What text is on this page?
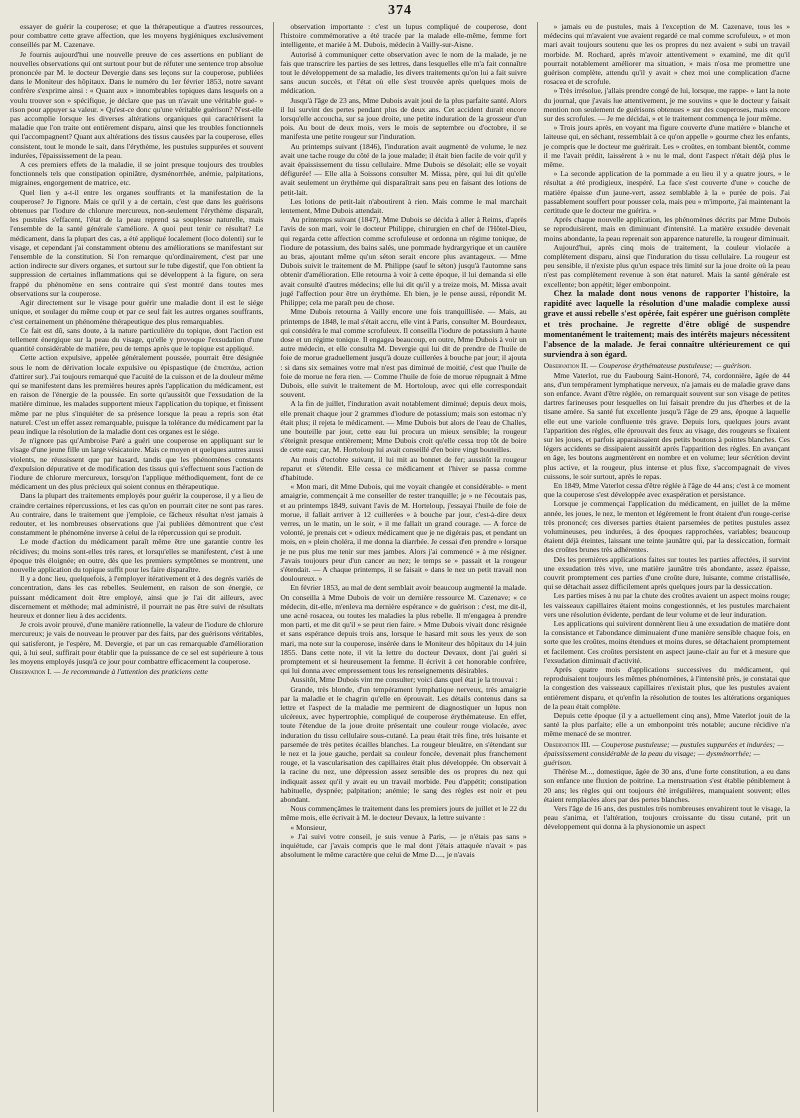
374

essayer de guérir la couperose; et que la thérapeutique a d'autres ressources, pour combattre cette grave affection, que les moyens hygiéniques exclusivement conseillés par M. Cazenave.

Je fournis aujourd'hui une nouvelle preuve de ces assertions en publiant de nouvelles observations qui ont surtout pour but de réfuter une sentence trop absolue prononcée par M. le docteur Devergie dans ses leçons sur la couperose, publiées dans le Moniteur des hôpitaux. Dans le numéro du 1er février 1853, notre savant confrère s'exprime ainsi : « Quant aux » innombrables topiques dans lesquels on a voulu trouver son » spécifique, je déclare que pas un n'avait une véritable gué- » rison pour appuyer sa valeur. » Qu'est-ce donc qu'une véritable guérison? N'est-elle pas accomplie lorsque les diverses altérations organiques qui caractérisent la maladie que l'on traite ont entièrement disparu, ainsi que les troubles fonctionnels qui l'accompagnent? Quant aux altérations des tissus causées par la couperose, elles consistent, tout le monde le sait, dans l'érythème, les pustules suppurées et souvent indurées, l'épaississement de la peau.

A ces premiers effets de la maladie, il se joint presque toujours des troubles fonctionnels tels que constipation opiniâtre, dysménorrhée, anémie, palpitations, migraines, engorgement de matrice, etc.

Quel lien y a-t-il entre les organes souffrants et la manifestation de la couperose? Je l'ignore. Mais ce qu'il y a de certain, c'est que dans les guérisons obtenues par l'iodure de chlorure mercureux, non-seulement l'érythème disparaît, les pustules s'effacent, l'état de la peau reprend sa souplesse naturelle, mais l'ensemble de la santé générale s'améliore. A quoi peut tenir ce résultat? Le médicament, dans la plupart des cas, a été appliqué localement (loco dolenti) sur le visage, et cependant j'ai constamment obtenu des améliorations se manifestant sur l'ensemble de la constitution. Si l'on remarque qu'ordinairement, c'est par une action indirecte sur divers organes, et surtout sur le tube digestif, que l'on obtient la suppression de certaines inflammations qui se développent à la figure, on sera frappé du phénomène en sens contraire qui s'est montré dans toutes mes observations sur la couperose.

Agir directement sur le visage pour guérir une maladie dont il est le siége unique, et soulager du même coup et par ce seul fait les autres organes souffrants, c'est certainement un phénomène thérapeutique des plus remarquables.

Ce fait est dû, sans doute, à la nature particulière du topique, dont l'action est tellement énergique sur la peau du visage, qu'elle y provoque l'exsudation d'une quantité considérable de matière, peu de temps après que le topique est appliqué.

Cette action expulsive, appelée généralement poussée, pourrait être désignée sous le nom de dérivation locale expulsive ou épispastique (de ἐπισπάω, action d'attirer sur). J'ai toujours remarqué que l'acuité de la cuisson et de la douleur même qui se manifestent dans les premières heures après l'application du médicament, est en raison de l'énergie de la poussée. En sorte qu'aussitôt que l'exsudation de la matière diminue, les malades supportent mieux l'application du topique, et finissent même par ne plus s'inquiéter de sa présence lorsque la peau a repris son état naturel. C'est un effet assez remarquable, puisque la tolérance du médicament par la peau indique la résolution de la maladie dont ces organes est le siége.

Je n'ignore pas qu'Ambroise Paré a guéri une couperose en appliquant sur le visage d'une jeune fille un large vésicatoire. Mais ce moyen et quelques autres aussi violents, ne réussissent que par hasard, tandis que les phénomènes constants d'expulsion dépurative et de modification des tissus qui s'effectuent sous l'action de l'iodure de chlorure mercureux, lorsqu'on l'applique méthodiquement, font de ce médicament un des plus précieux qui soient connus en thérapeutique.

Dans la plupart des traitements employés pour guérir la couperose, il y a lieu de craindre certaines répercussions, et les cas qu'on en pourrait citer ne sont pas rares. Au contraire, dans le traitement que j'emploie, ce fâcheux résultat n'est jamais à redouter, et les nombreuses observations que j'ai publiées démontrent que c'est constamment le phénomène inverse à celui de la répercussion qui se produit.

Le mode d'action du médicament paraît même être une garantie contre les récidives; du moins sont-elles très rares, et lorsqu'elles se manifestent, c'est à une époque très éloignée; en outre, dès que les premiers symptômes se montrent, une nouvelle application du topique suffit pour les faire disparaître.

Il y a donc lieu, quelquefois, à l'employer itérativement et à des degrés variés de concentration, dans les cas rebelles. Seulement, en raison de son énergie, ce puissant médicament doit être employé, ainsi que je l'ai dit ailleurs, avec discernement et méthode; mal administré, il pourrait ne pas être suivi de résultats heureux et donner lieu à des accidents.

Je crois avoir prouvé, d'une manière rationnelle, la valeur de l'iodure de chlorure mercureux; je vais de nouveau le prouver par des faits, par des guérisons véritables, qui satisferont, je l'espère, M. Devergie, et par un cas remarquable d'amélioration qui, à lui seul, suffirait pour établir que la puissance de ce sel est supérieure à tous les moyens employés jusqu'à ce jour pour combattre efficacement la couperose.

Observation I. — Je recommande à l'attention des praticiens cette

observation importante : c'est un lupus compliqué de couperose, dont l'histoire commémorative a été tracée par la malade elle-même, femme fort intelligente, et mariée à M. Dubois, médecin à Vailly-sur-Aisne.

Autorisé à communiquer cette observation avec le nom de la malade, je ne fais que transcrire les parties de ses lettres, dans lesquelles elle m'a fait connaître tout le développement de sa maladie, les divers traitements qu'on lui a fait suivre sans aucun succès, et l'état où elle s'est trouvée après quelques mois de médication.

Jusqu'à l'âge de 23 ans, Mme Dubois avait joui de la plus parfaite santé. Alors il lui survint des pertes pendant plus de deux ans. Cet accident durait encore lorsqu'elle accoucha, sur sa joue droite, une petite induration de la grosseur d'un pois. Au bout de deux mois, vers le mois de septembre ou d'octobre, il se manifesta une petite rougeur sur l'induration.

Au printemps suivant (1846), l'induration avait augmenté de volume, le nez avait une tache rouge du côté de la joue malade; il était bien facile de voir qu'il y avait épaississement du tissu cellulaire. Mme Dubois se désolait; elle se voyait défigurée! — Elle alla à Soissons consulter M. Missa, père, qui lui dit qu'elle avait seulement un érythème qui disparaîtrait sans peu en faisant des lotions de petit-lait.

Les lotions de petit-lait n'aboutirent à rien. Mais comme le mal marchait lentement, Mme Dubois attendait.

Au printemps suivant (1847), Mme Dubois se décida à aller à Reims, d'après l'avis de son mari, voir le docteur Philippe, chirurgien en chef de l'Hôtel-Dieu, qui regarda cette affection comme scrofuleuse et ordonna un régime tonique, de l'iodure de potassium, des bains salés, une pommade hydrargyrique et un cautère au bras, ajoutant même qu'un séton serait encore plus avantageux. — Mme Dubois suivit le traitement de M. Philippe (sauf le séton) jusqu'à l'automne sans obtenir d'amélioration. Elle retourna à voir à cette époque, il lui demanda si elle avait consulté d'autres médecins; elle lui dit qu'il y a treize mois, M. Missa avait jugé l'affection pour être un érythème. Eh bien, je le pense aussi, répondit M. Philippe; cela me paraît peu de chose.

Mme Dubois retourna à Vailly encore une fois tranquillisée. — Mais, au printemps de 1848, le mal s'était accru, elle vint à Paris, consulter M. Bourdeaux, qui considéra le mal comme scrofuleux. Il conseilla l'iodure de potassium à haute dose et un régime tonique. Il engagea beaucoup, en outre, Mme Dubois à voir un autre médecin, et elle consulta M. Devergie qui lui dit de prendre de l'huile de foie de morue graduellement jusqu'à douze cuillerées à bouche par jour; il ajouta : si dans six semaines votre mal n'est pas diminué de moitié, c'est que l'huile de foie de morue ne fera rien. — Comme l'huile de foie de morue répugnait à Mme Dubois, elle suivit le traitement de M. Hortoloup, avec qui elle correspondait souvent.

A la fin de juillet, l'induration avait notablement diminué; depuis deux mois, elle prenait chaque jour 2 grammes d'iodure de potassium; mais son estomac n'y était plus; il rejeta le médicament. — Mme Dubois but alors de l'eau de Challes, une bouteille par jour, cette eau lui procura un mieux sensible; la rougeur s'éteignit presque entièrement; Mme Dubois croit qu'elle cessa trop tôt de boire de cette eau; car, M. Hortoloup lui avait conseillé d'en boire vingt bouteilles.

Au mois d'octobre suivant, il lui mit au bonnet de fer; aussitôt la rougeur reparut et s'étendit. Elle cessa ce médicament et l'hiver se passa comme d'habitude.

« Mon mari, dit Mme Dubois, qui me voyait changée et considérable- » ment amaigrie, commençait à me conseiller de rester tranquille; je » ne l'écoutais pas, et au printemps 1849, suivant l'avis de M. Horteloup, j'essayai l'huile de foie de morue, il fallait arriver à 12 cuillerées » à bouche par jour, c'est-à-dire deux verres, un le matin, un le soir, » il me fallait un grand courage. — A force de volonté, je prenais cet » odieux médicament que je ne digérais pas, et pendant un mois, en » plein choléra, il me donna la diarrhée. Je cessai d'en prendre » lorsque je ne pus plus me tenir sur mes jambes. Alors j'ai commencé » à me résigner. J'avais toujours peur d'un cancer au nez; le temps se » passait et la rougeur s'étendait. — A chaque printemps, il se faisait » dans le nez un petit travail non douloureux. »

En février 1853, au mal de dent semblait avoir beaucoup augmenté la malade. On conseilla à Mme Dubois de voir un dernière ressource M. Cazenave; « ce médecin, dit-elle, m'enleva ma dernière espérance » de guérison : c'est, me dit-il, une acné rosacea, ou toutes les maladies la plus rebelle. Il m'engagea à prendre mon parti, et me dit qu'il » se peut rien faire. » Mme Dubois vivait donc résignée et sans espérance depuis trois ans, lorsque le hasard mit sous les yeux de son mari, ma note sur la couperose, insérée dans le Moniteur des hôpitaux du 14 juin 1855. Dans cette note, il vit la lettre du docteur Devaux, dont j'ai guéri si promptement et si heureusement la femme. Il écrivit à cet honorable confrère, qui lui donna avec empressement tous les renseignements désirables.

Aussitôt, Mme Dubois vint me consulter; voici dans quel état je la trouvai :

Grande, très blonde, d'un tempérament lymphatique nerveux, très amaigrie par la maladie et le chagrin qu'elle en éprouvait. Les détails contenus dans sa lettre et l'aspect de la maladie me permirent de diagnostiquer un lupus non ulcéreux, avec hypertrophie, compliqué de couperose érythémateuse. En effet, toute l'étendue de la joue droite présentait une couleur rouge violacée, avec induration du tissu cellulaire sous-cutané. La peau était très fine, très luisante et parsemée de très petites écailles blanches. La rougeur bleuâtre, en s'étendant sur le nez et la joue gauche, perdait sa couleur foncée, devenait plus franchement rouge, et la vascularisation des capillaires était plus développée. On observait à la racine du nez, une dépression assez sensible des os propres du nez qui indiquait assez qu'il y avait eu un travail morbide. Peu d'appétit; constipation habituelle, dyspnée; palpitation; anémie; le sang des règles est noir et peu abondant.

Nous commençâmes le traitement dans les premiers jours de juillet et le 22 du même mois, elle écrivait à M. le docteur Devaux, la lettre suivante :

« Monsieur,

» J'ai suivi votre conseil, je suis venue à Paris, — je n'étais pas sans » inquiétude, car j'avais compris que le mal dont j'étais attaquée n'avait » pas absolument le même caractère que celui de Mme D...., je n'avais

» jamais eu de pustules, mais à l'exception de M. Cazenave, tous les » médecins qui m'avaient vue avaient regardé ce mal comme scrofuleux, » et mon mari avait toujours soutenu que les os propres du nez avaient » subi un travail morbide. M. Rochard, après m'avoir attentivement » examiné, me dit qu'il pourrait notablement améliorer ma situation, » mais n'osa me promettre une guérison complète, attendu qu'il y avait » chez moi une complication d'acne rosacea et de scrofule.

» Très irrésolue, j'allais prendre congé de lui, lorsque, me rappe- » lant la note du journal, que j'avais lue attentivement, je me souvins » que le docteur y faisait mention non seulement de guérisons obtenues » sur des couperoses, mais encore sur des scrofules. — Je me décidai, » et le traitement commença le jour même.

» Trois jours après, en voyant ma figure couverte d'une matière » blanche et laiteuse qui, en séchant, ressemblait à ce qu'on appelle » gourme chez les enfants, je compris que le docteur me guérirait. Les » croûtes, en tombant bientôt, comme il me l'avait prédit, laissèrent à » nu le mal, dont l'aspect n'était déjà plus le même.

» La seconde application de la pommade a eu lieu il y a quatre jours, » le résultat a été prodigieux, inespéré. La face s'est couverte d'une » couche de matière épaisse d'un jaune-vert, assez semblable à la » purée de pois. J'ai passablement souffert pour pousser cela, mais peu » m'importe, j'ai maintenant la certitude que le docteur me guérira. »

Après chaque nouvelle application, les phénomènes décrits par Mme Dubois se reproduisirent, mais en diminuant d'intensité. La matière exsudée devenait moins abondante, la peau reprenait son apparence naturelle, la rougeur diminuait.

Aujourd'hui, après cinq mois de traitement, la couleur violacée a complètement disparu, ainsi que l'induration du tissu cellulaire. La rougeur est peu sensible, il n'existe plus qu'un espace très limité sur la joue droite où la peau n'est pas complètement revenue à son état naturel. Mais la santé générale est excellente; bon appétit; léger embonpoint.

Chez la malade dont nous venons de rapporter l'histoire, la rapidité avec laquelle la résolution d'une maladie complexe aussi grave et aussi rebelle s'est opérée, fait espérer une guérison complète et très prochaine. Je regrette d'être obligé de suspendre momentanément le traitement; mais des intérêts majeurs nécessitent l'absence de la malade. Je ferai connaître ultérieurement ce qui surviendra à son égard.

Observation II. — Couperose érythémateuse pustuleuse; — guérison.

Mme Vaterlot, rue du Faubourg Saint-Honoré, 74, cordonnière, âgée de 44 ans, d'un tempérament lymphatique nerveux, n'a jamais eu de maladie grave dans son enfance. Avant d'être réglée, on remarquait souvent sur son visage de petites dartres farineuses pour lesquelles on lui faisait prendre du jus d'herbes et de la tisane amère. Sa santé fut excellente jusqu'à l'âge de 29 ans, époque à laquelle elle eut une variole confluente très grave. Depuis lors, quelques jours avant l'apparition des règles, elle éprouvait des feux au visage, des rougeurs se fixaient sur les joues, et parfois apparaissaient des petits boutons à pointes blanches. Ces légers accidents se dissipaient aussitôt après l'apparition des règles. En avançant en âge, les boutons augmentèrent en nombre et en volume; leur sécrétion devint plus active, et la rougeur, plus intense et plus fixe, s'accompagnait de vives cuissons, le soir surtout, après le repas.

En 1849, Mme Vaterlot cessa d'être réglée à l'âge de 44 ans; c'est à ce moment que la couperose s'est développée avec exaspération et persistance.

Lorsque je commençai l'application du médicament, en juillet de la même année, les joues, le nez, le menton et légèrement le front étaient d'un rouge-cerise très prononcé; ces diverses parties étaient parsemées de petites pustules assez volumineuses, peu indurées, à des époques rapprochées, variables; beaucoup étaient déjà éteintes, laissant une teinte jaunâtre qui, par la dessiccation, formait des croûtes brunes très adhérentes.

Dès les premières applications faites sur toutes les parties affectées, il survint une exsudation très vive, une matière jaunâtre très abondante, assez épaisse, couvrit promptement ces parties d'une croûte dure, luisante, comme cristallisée, qui se détachait assez difficilement après quelques jours par la dessiccation.

Les parties mises à nu par la chute des croûtes avaient un aspect moins rouge; les vaisseaux capillaires étaient moins congestionnés, et les pustules marchaient vers une résolution évidente, perdant de leur volume et de leur induration.

Les applications qui suivirent donnèrent lieu à une exsudation de matière dont la consistance et l'abondance diminuaient d'une manière sensible chaque fois, en sorte que les croûtes, moins étendues et moins dures, se détachaient promptement et facilement. Ces croûtes persistent en aspect jaune-clair au fur et à mesure que l'exsudation diminuait d'activité.

Après quatre mois d'applications successives du médicament, qui reproduisaient toujours les mêmes phénomènes, à l'intensité près, je constatai que la congestion des vaisseaux capillaires n'existait plus, que les pustules avaient entièrement disparu, et qu'enfin la résolution de toutes les altérations organiques de la peau était complète.

Depuis cette époque (il y a actuellement cinq ans), Mme Vaterlot jouit de la santé la plus parfaite; elle a un embonpoint très notable; aucune récidive n'a même menacé de se montrer.

Observation III. — Couperose pustuleuse; — pustules suppurées et indurées; — épaississement considérable de la peau du visage; — dysménorrhée; — guérison.

Thérèse M..., domestique, âgée de 30 ans, d'une forte constitution, a eu dans son enfance une fluxion de poitrine. La menstruation s'est établie péniblement à 20 ans; les règles qui ont toujours été irrégulières, manquaient souvent; elles étaient remplacées alors par des pertes blanches.

Vers l'âge de 16 ans, des pustules très nombreuses envahirent tout le visage, la peau s'anima, et l'altération, toujours croissante du tissu cutané, prit un développement qui donna à la physionomie un aspect
